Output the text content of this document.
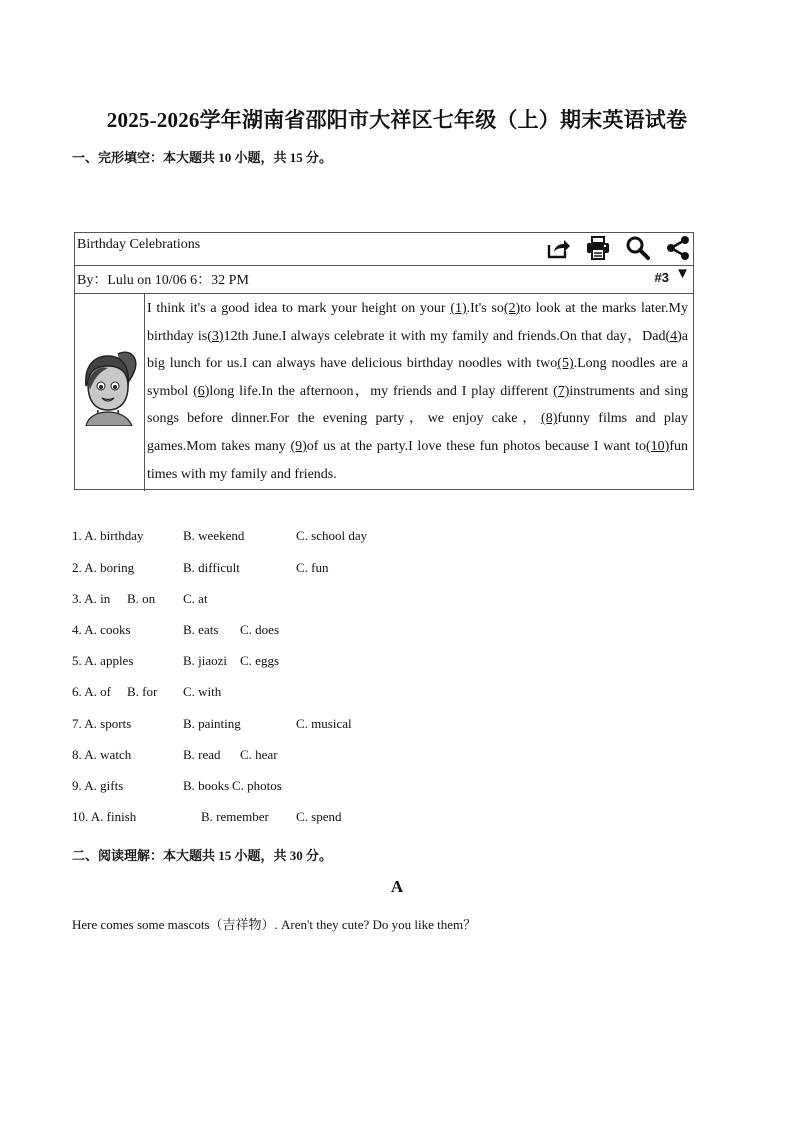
2025-2026学年湖南省邵阳市大祥区七年级（上）期末英语试卷
一、完形填空：本大题共 10 小题，共 15 分。
Birthday Celebrations
By：Lulu on 10/06 6：32 PM	#3 ▼
I think it's a good idea to mark your height on your (1).It's so(2)to look at the marks later.My birthday is(3)12th June.I always celebrate it with my family and friends.On that day，Dad(4)a big lunch for us.I can always have delicious birthday noodles with two(5).Long noodles are a symbol (6)long life.In the afternoon，my friends and I play different (7)instruments and sing songs before dinner.For the evening party，we enjoy cake，(8)funny films and play games.Mom takes many (9)of us at the party.I love these fun photos because I want to(10)fun times with my family and friends.
1. A. birthday	B. weekend	C. school day
2. A. boring	B. difficult	C. fun
3. A. in B. on C. at
4. A. cooks	B. eats C. does
5. A. apples	B. jiaozi C. eggs
6. A. of B. for C. with
7. A. sports	B. painting	C. musical
8. A. watch	B. read C. hear
9. A. gifts	B. books C. photos
10. A. finish	B. remember C. spend
二、阅读理解：本大题共 15 小题，共 30 分。
A
Here comes some mascots（吉祥物）. Aren't they cute? Do you like them？
